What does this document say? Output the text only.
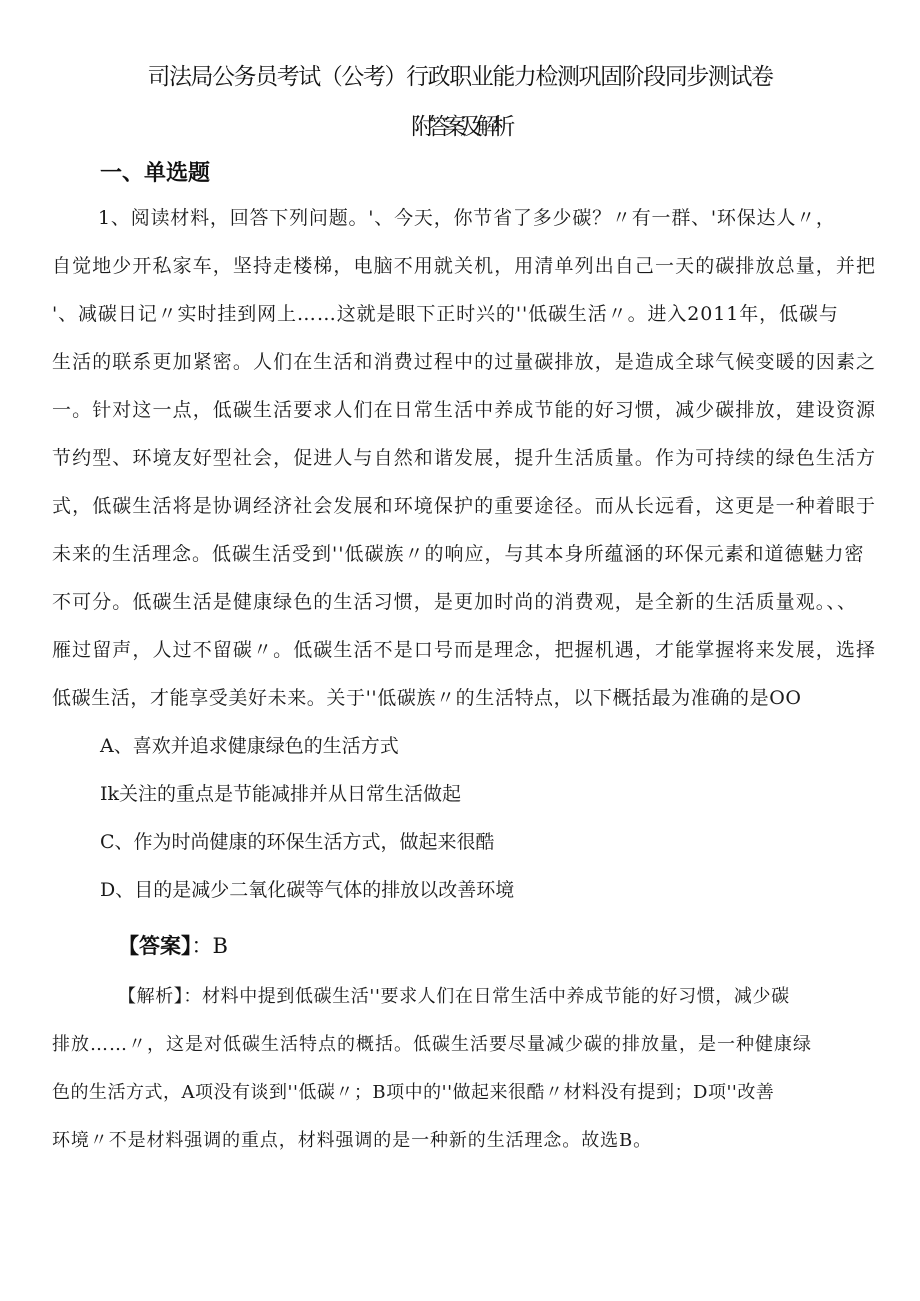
司法局公务员考试（公考）行政职业能力检测巩固阶段同步测试卷
附答案及解析
一、单选题
1、阅读材料，回答下列问题。'、今天，你节省了多少碳？〃有一群、'环保达人〃，
自觉地少开私家车，坚持走楼梯，电脑不用就关机，用清单列出自己一天的碳排放总量，并把
'、减碳日记〃实时挂到网上……这就是眼下正时兴的''低碳生活〃。进入2011年，低碳与
生活的联系更加紧密。人们在生活和消费过程中的过量碳排放，是造成全球气候变暖的因素之
一。针对这一点，低碳生活要求人们在日常生活中养成节能的好习惯，减少碳排放，建设资源
节约型、环境友好型社会，促进人与自然和谐发展，提升生活质量。作为可持续的绿色生活方
式，低碳生活将是协调经济社会发展和环境保护的重要途径。而从长远看，这更是一种着眼于
未来的生活理念。低碳生活受到''低碳族〃的响应，与其本身所蕴涵的环保元素和道德魅力密
不可分。低碳生活是健康绿色的生活习惯，是更加时尚的消费观，是全新的生活质量观。、、
雁过留声，人过不留碳〃。低碳生活不是口号而是理念，把握机遇，才能掌握将来发展，选择
低碳生活，才能享受美好未来。关于''低碳族〃的生活特点，以下概括最为准确的是OO
A、喜欢并追求健康绿色的生活方式
Ik关注的重点是节能减排并从日常生活做起
C、作为时尚健康的环保生活方式，做起来很酷
D、目的是减少二氧化碳等气体的排放以改善环境
【答案】：B
【解析】：材料中提到低碳生活''要求人们在日常生活中养成节能的好习惯，减少碳
排放……〃，这是对低碳生活特点的概括。低碳生活要尽量减少碳的排放量，是一种健康绿
色的生活方式，A项没有谈到''低碳〃；B项中的''做起来很酷〃材料没有提到；D项''改善
环境〃不是材料强调的重点，材料强调的是一种新的生活理念。故选B。
